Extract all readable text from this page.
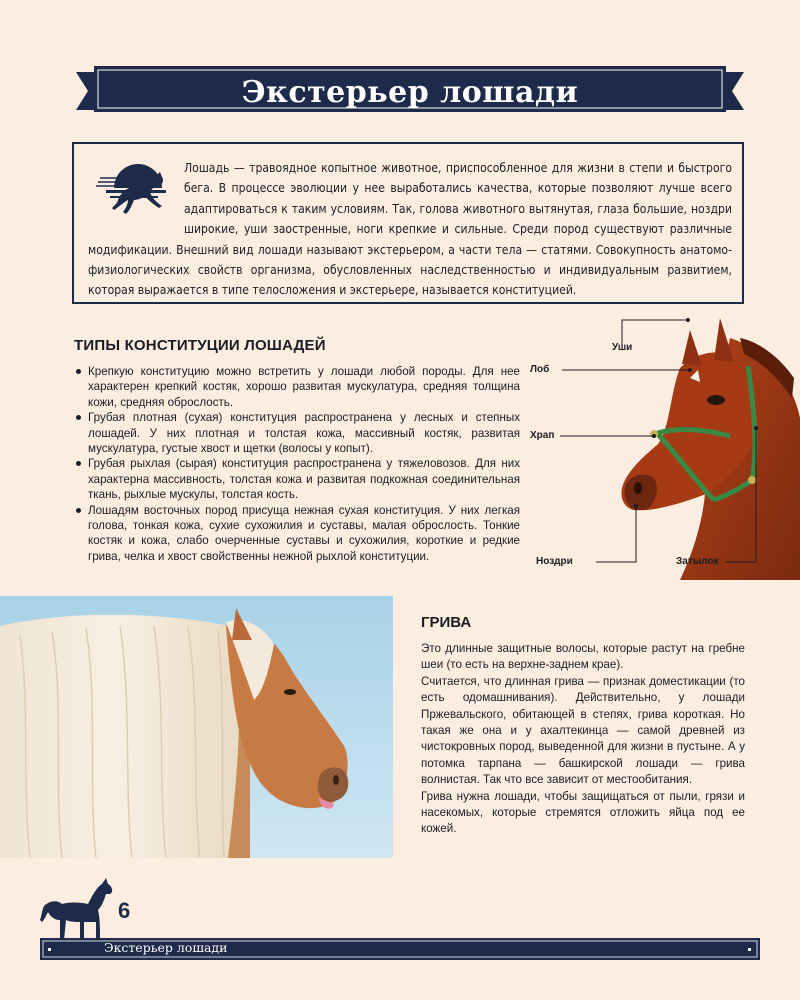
Экстерьер лошади
Лошадь — травоядное копытное животное, приспособленное для жизни в степи и быстрого бега. В процессе эволюции у нее выработались качества, которые позволяют лучше всего адаптироваться к таким условиям. Так, голова животного вытянутая, глаза большие, ноздри широкие, уши заостренные, ноги крепкие и сильные. Среди пород существуют различные модификации. Внешний вид лошади называют экстерьером, а части тела — статями. Совокупность анатомо-физиологических свойств организма, обусловленных наследственностью и индивидуальным развитием, которая выражается в типе телосложения и экстерьере, называется конституцией.
ТИПЫ КОНСТИТУЦИИ ЛОШАДЕЙ
Крепкую конституцию можно встретить у лошади любой породы. Для нее характерен крепкий костяк, хорошо развитая мускулатура, средняя толщина кожи, средняя оброслость.
Грубая плотная (сухая) конституция распространена у лесных и степных лошадей. У них плотная и толстая кожа, массивный костяк, развитая мускулатура, густые хвост и щетки (волосы у копыт).
Грубая рыхлая (сырая) конституция распространена у тяжеловозов. Для них характерна массивность, толстая кожа и развитая подкожная соединительная ткань, рыхлые мускулы, толстая кость.
Лошадям восточных пород присуща нежная сухая конституция. У них легкая голова, тонкая кожа, сухие сухожилия и суставы, малая оброслость. Тонкие костяк и кожа, слабо очерченные суставы и сухожилия, короткие и редкие грива, челка и хвост свойственны нежной рыхлой конституции.
Уши
Лоб
Храп
Ноздри	Затылок
ГРИВА

Это длинные защитные волосы, которые растут на гребне шеи (то есть на верхне-заднем крае).

Считается, что длинная грива — признак доместикации (то есть одомашнивания). Действительно, у лошади Пржевальского, обитающей в степях, грива короткая. Но такая же она и у ахалтекинца — самой древней из чистокровных пород, выведенной для жизни в пустыне. А у потомка тарпана — башкирской лошади — грива волнистая. Так что все зависит от местообитания.

Грива нужна лошади, чтобы защищаться от пыли, грязи и насекомых, которые стремятся отложить яйца под ее кожей.

6
Экстерьер лошади
